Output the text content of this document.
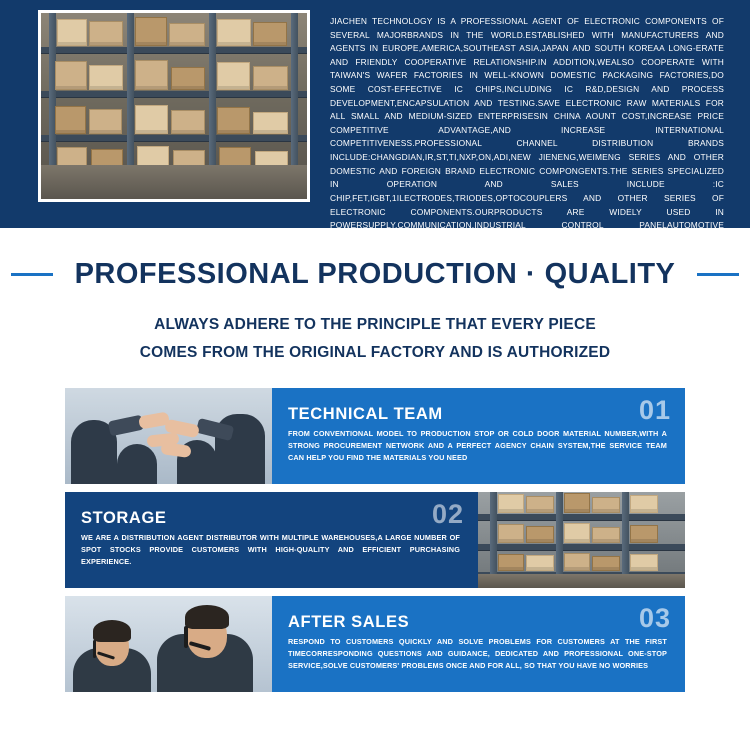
JIACHEN TECHNOLOGY IS A PROFESSIONAL AGENT OF ELECTRONIC COMPONENTS OF SEVERAL MAJORBRANDS IN THE WORLD.ESTABLISHED WITH MANUFACTURERS AND AGENTS IN EUROPE,AMERICA,SOUTHEAST ASIA,JAPAN AND SOUTH KOREAA LONG-ERATE AND FRIENDLY COOPERATIVE RELATIONSHIP.IN ADDITION,WEALSO COOPERATE WITH TAIWAN'S WAFER FACTORIES IN WELL-KNOWN DOMESTIC PACKAGING FACTORIES,DO SOME COST-EFFECTIVE IC CHIPS,INCLUDING IC R&D,DESIGN AND PROCESS DEVELOPMENT,ENCAPSULATION AND TESTING.SAVE ELECTRONIC RAW MATERIALS FOR ALL SMALL AND MEDIUM-SIZED ENTERPRISESIN CHINA AOUNT COST,INCREASE PRICE COMPETITIVE ADVANTAGE,AND INCREASE INTERNATIONAL COMPETITIVENESS.PROFESSIONAL CHANNEL DISTRIBUTION BRANDS INCLUDE:CHANGDIAN,IR,ST,TI,NXP,ON,ADI,NEW JIENENG,WEIMENG SERIES AND OTHER DOMESTIC AND FOREIGN BRAND ELECTRONIC COMPONGENTS.THE SERIES SPECIALIZED IN OPERATION AND SALES INCLUDE :IC CHIP,FET,IGBT,1ILECTRODES,TRIODES,OPTOCOUPLERS AND OTHER SERIES OF ELECTRONIC COMPONENTS.OURPRODUCTS ARE WIDELY USED IN POWERSUPPLY,COMMUNICATION,INDUSTRIAL CONTROL PANELAUTOMOTIVE ELECTRONICS,MEDICAL EQUIPMENT,HOME APPLIANCES AND OTHER FLELDS
PROFESSIONAL PRODUCTION · QUALITY
ALWAYS ADHERE TO THE PRINCIPLE THAT EVERY PIECE
COMES FROM THE ORIGINAL FACTORY AND IS AUTHORIZED
TECHNICAL TEAM	01
FROM CONVENTIONAL MODEL TO PRODUCTION STOP OR COLD DOOR MATERIAL NUMBER,WITH A STRONG PROCUREMENT NETWORK AND A PERFECT AGENCY CHAIN SYSTEM,THE SERVICE TEAM CAN HELP YOU FIND THE MATERIALS YOU NEED
STORAGE	02
WE ARE A DISTRIBUTION AGENT DISTRIBUTOR WITH MULTIPLE WAREHOUSES,A LARGE NUMBER OF SPOT STOCKS PROVIDE CUSTOMERS WITH HIGH-QUALITY AND EFFICIENT PURCHASING EXPERIENCE.
AFTER SALES	03
RESPOND TO CUSTOMERS QUICKLY AND SOLVE PROBLEMS FOR CUSTOMERS AT THE FIRST TIMECORRESPONDING QUESTIONS AND GUIDANCE, DEDICATED AND PROFESSIONAL ONE-STOP SERVICE,SOLVE CUSTOMERS' PROBLEMS ONCE AND FOR ALL, SO THAT YOU HAVE NO WORRIES
